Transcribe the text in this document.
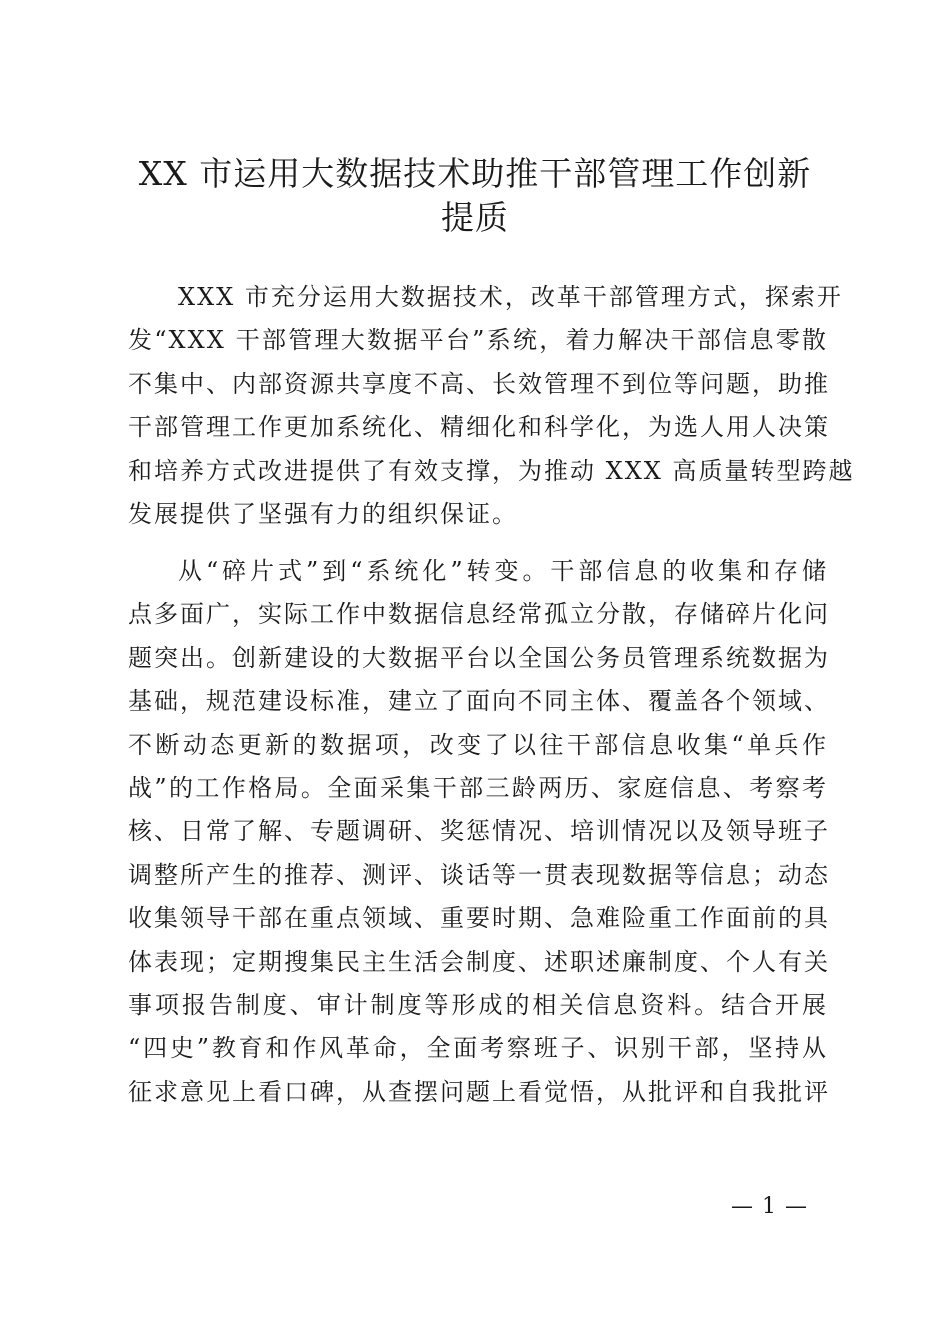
XX 市运用大数据技术助推干部管理工作创新
提质
XXX 市充分运用大数据技术，改革干部管理方式，探索开
发“XXX 干部管理大数据平台”系统，着力解决干部信息零散
不集中、内部资源共享度不高、长效管理不到位等问题，助推
干部管理工作更加系统化、精细化和科学化，为选人用人决策
和培养方式改进提供了有效支撑，为推动 XXX 高质量转型跨越
发展提供了坚强有力的组织保证。
从“碎片式”到“系统化”转变。干部信息的收集和存储
点多面广，实际工作中数据信息经常孤立分散，存储碎片化问
题突出。创新建设的大数据平台以全国公务员管理系统数据为
基础，规范建设标准，建立了面向不同主体、覆盖各个领域、
不断动态更新的数据项，改变了以往干部信息收集“单兵作
战”的工作格局。全面采集干部三龄两历、家庭信息、考察考
核、日常了解、专题调研、奖惩情况、培训情况以及领导班子
调整所产生的推荐、测评、谈话等一贯表现数据等信息；动态
收集领导干部在重点领域、重要时期、急难险重工作面前的具
体表现；定期搜集民主生活会制度、述职述廉制度、个人有关
事项报告制度、审计制度等形成的相关信息资料。结合开展
“四史”教育和作风革命，全面考察班子、识别干部，坚持从
征求意见上看口碑，从查摆问题上看觉悟，从批评和自我批评
— 1 —
